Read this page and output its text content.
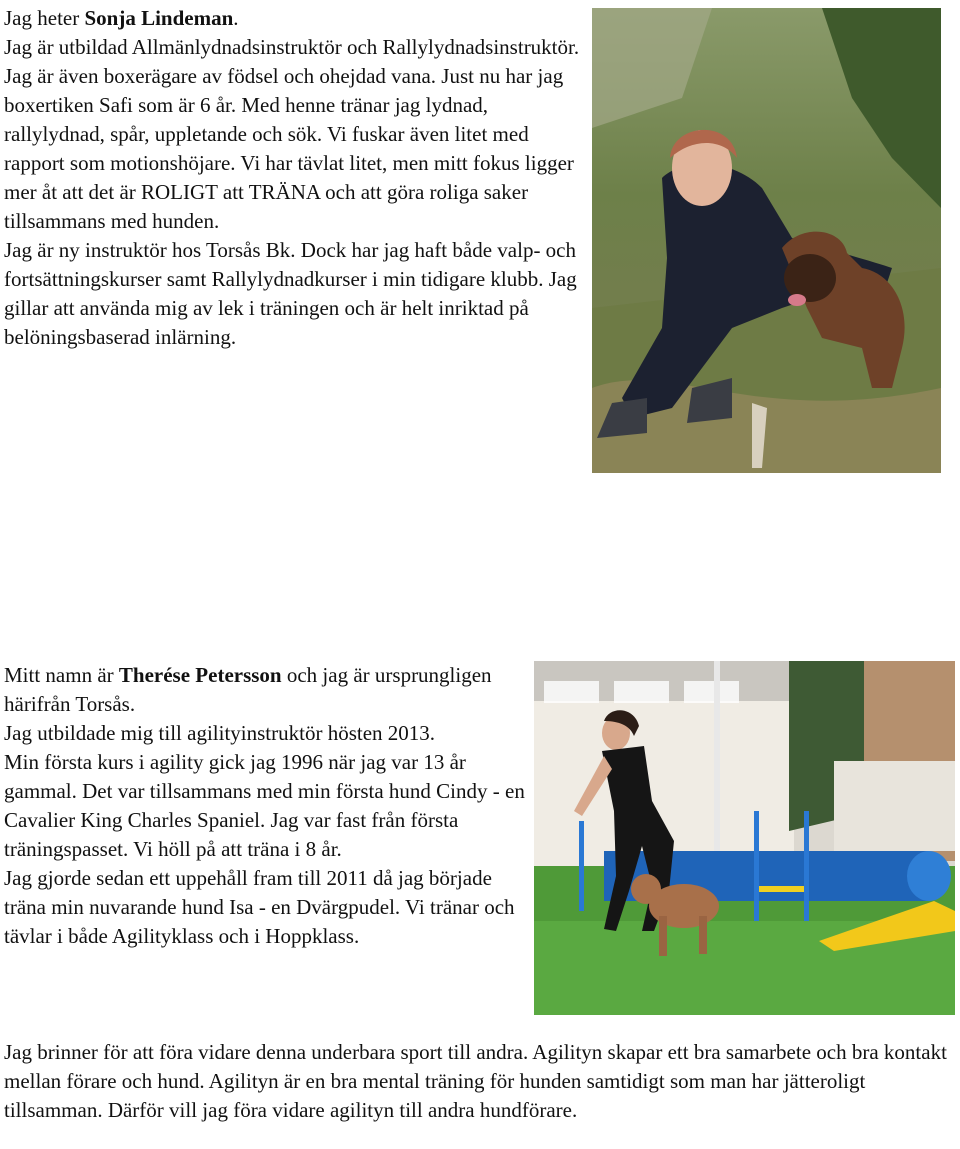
Jag heter Sonja Lindeman.

Jag är utbildad Allmänlydnadsinstruktör och Rallylydnadsinstruktör. Jag är även boxerägare av födsel och ohejdad vana. Just nu har jag boxertiken Safi som är 6 år. Med henne tränar jag lydnad, rallylydnad, spår, uppletande och sök. Vi fuskar även litet med rapport som motionshöjare. Vi har tävlat litet, men mitt fokus ligger mer åt att det är ROLIGT att TRÄNA och att göra roliga saker tillsammans med hunden.

Jag är ny instruktör hos Torsås Bk. Dock har jag haft både valp- och fortsättningskurser samt Rallylydnadkurser i min tidigare klubb. Jag gillar att använda mig av lek i träningen och är helt inriktad på belöningsbaserad inlärning.

Mitt namn är Therése Petersson och jag är ursprungligen härifrån Torsås.

Jag utbildade mig till agilityinstruktör hösten 2013.

Min första kurs i agility gick jag 1996 när jag var 13 år gammal. Det var tillsammans med min första hund Cindy - en Cavalier King Charles Spaniel. Jag var fast från första träningspasset. Vi höll på att träna i 8 år.

Jag gjorde sedan ett uppehåll fram till 2011 då jag började träna min nuvarande hund Isa - en Dvärgpudel. Vi tränar och tävlar i både Agilityklass och i Hoppklass.

Jag brinner för att föra vidare denna underbara sport till andra. Agilityn skapar ett bra samarbete och bra kontakt mellan förare och hund. Agilityn är en bra mental träning för hunden samtidigt som man har jätteroligt tillsamman. Därför vill jag föra vidare agilityn till andra hundförare.
